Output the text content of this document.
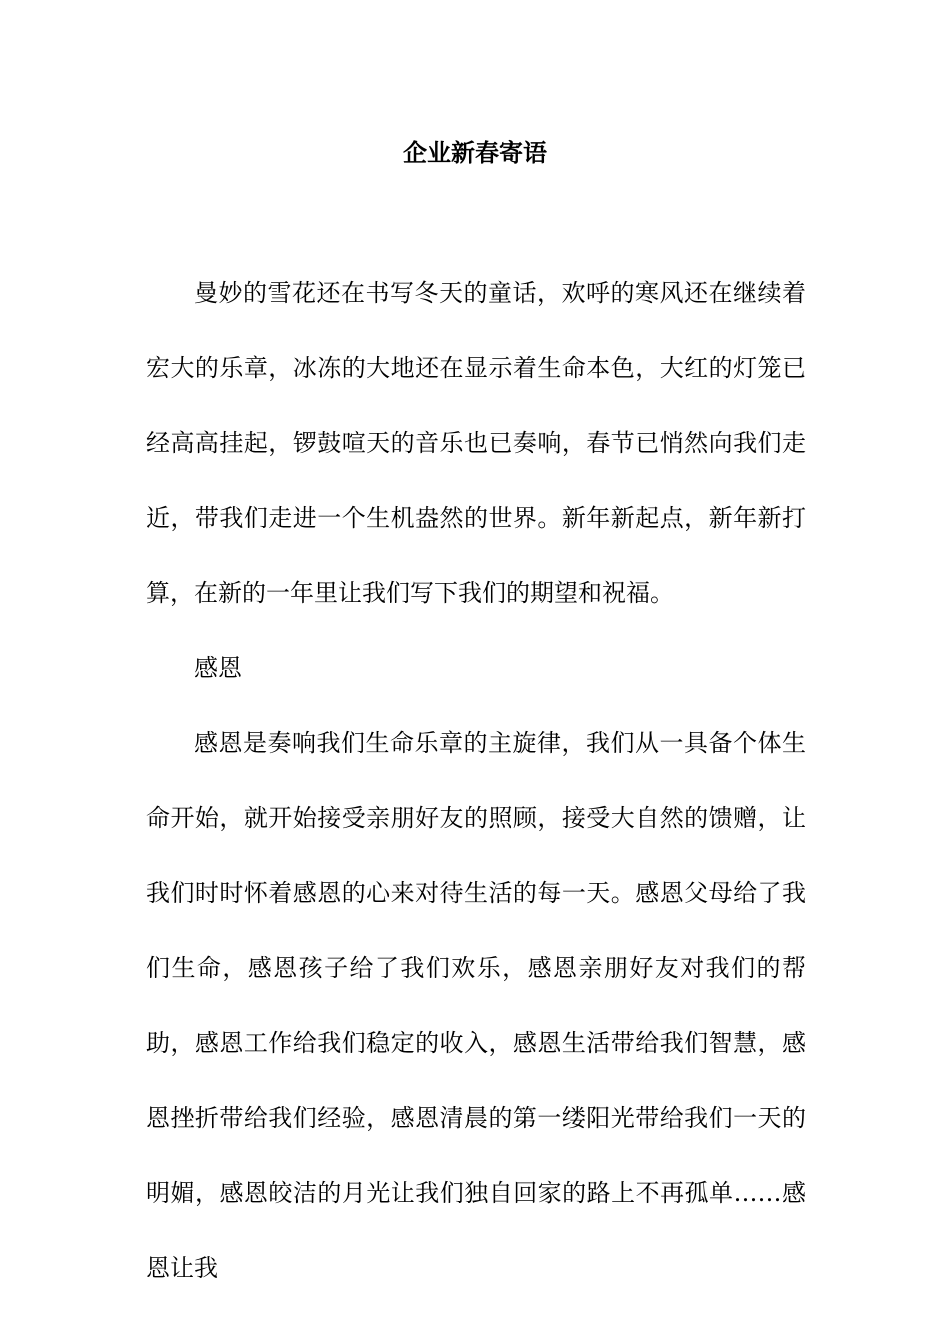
企业新春寄语

曼妙的雪花还在书写冬天的童话，欢呼的寒风还在继续着宏大的乐章，冰冻的大地还在显示着生命本色，大红的灯笼已经高高挂起，锣鼓喧天的音乐也已奏响，春节已悄然向我们走近，带我们走进一个生机盎然的世界。新年新起点，新年新打算，在新的一年里让我们写下我们的期望和祝福。

感恩

感恩是奏响我们生命乐章的主旋律，我们从一具备个体生命开始，就开始接受亲朋好友的照顾，接受大自然的馈赠，让我们时时怀着感恩的心来对待生活的每一天。感恩父母给了我们生命，感恩孩子给了我们欢乐，感恩亲朋好友对我们的帮助，感恩工作给我们稳定的收入，感恩生活带给我们智慧，感恩挫折带给我们经验，感恩清晨的第一缕阳光带给我们一天的明媚，感恩皎洁的月光让我们独自回家的路上不再孤单……感恩让我
